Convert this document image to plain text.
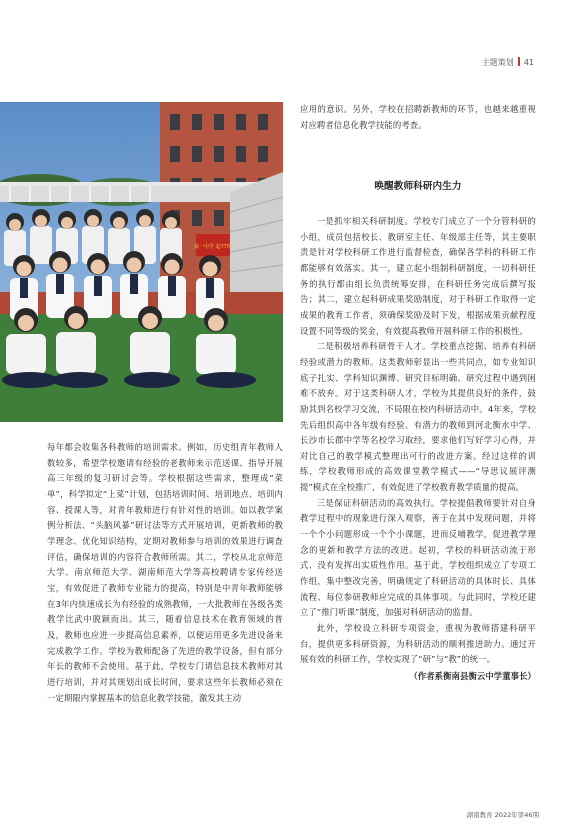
主题策划 41
第一中学 起77班

每年都会收集各科教师的培训需求。例如，历史组青年教师人数较多，希望学校邀请有经验的老教师来示范送课、指导开展高三年级的复习研讨会等。学校根据这些需求，整理成“菜单”，科学拟定“上菜”计划，包括培训时间、培训地点、培训内容、授课人等，对青年教师进行有针对性的培训。如以教学案例分析法、“头脑风暴”研讨法等方式开展培训，更新教师的教学理念、优化知识结构，定期对教师参与培训的效果进行调查评估，确保培训的内容符合教师所需。其二，学校从北京师范大学、南京师范大学、湖南师范大学等高校聘请专家传经送宝，有效促进了教师专业能力的提高，特别是中青年教师能够在3年内快速成长为有经验的成熟教师，一大批教师在各级各类教学比武中脱颖而出。其三，随着信息技术在教育领域的普及，教师也应进一步提高信息素养，以便运用更多先进设备来完成教学工作。学校为教师配备了先进的教学设备，但有部分年长的教师不会使用。基于此，学校专门请信息技术教师对其进行培训，并对其规划出成长时间，要求这些年长教师必须在一定期限内掌握基本的信息化教学技能，激发其主动

应用的意识。另外，学校在招聘新教师的环节，也越来越重视对应聘者信息化教学技能的考查。

唤醒教师科研内生力

一是抓牢相关科研制度。学校专门成立了一个分管科研的小组，成员包括校长、教研室主任、年级部主任等，其主要职责是针对学校科研工作进行监督检查，确保各学科的科研工作都能够有效落实。其一，建立起小组制科研制度，一切科研任务的执行都由组长负责统筹安排，在科研任务完成后撰写报告；其二，建立起科研成果奖励制度，对于科研工作取得一定成果的教育工作者，须确保奖励及时下发，根据成果贡献程度设置不同等级的奖金，有效提高教师开展科研工作的积极性。

二是积极培养科研骨干人才。学校重点挖掘、培养有科研经验或潜力的教师。这类教师彰显出一些共同点，如专业知识底子扎实、学科知识渊博、研究目标明确、研究过程中遇到困难不放弃。对于这类科研人才，学校为其提供良好的条件，鼓励其到名校学习交流，不局限在校内科研活动中。4年来，学校先后组织高中各年级有经验、有潜力的教师到河北衡水中学、长沙市长郡中学等名校学习取经，要求他们写好学习心得，并对比自己的教学模式整理出可行的改进方案。经过这样的训练，学校教师形成的高效课堂教学模式——“导思议展评测提”模式在全校推广，有效促进了学校教育教学质量的提高。

三是保证科研活动的高效执行。学校提倡教师要针对自身教学过程中的现象进行深入观察，善于在其中发现问题，并将一个个小问题形成一个个小课题，进而反哺教学，促进教学理念的更新和教学方法的改进。起初，学校的科研活动流于形式、没有发挥出实质性作用。基于此，学校组织成立了专项工作组，集中整改完善，明确规定了科研活动的具体时长、具体流程、每位参研教师应完成的具体事项。与此同时，学校还建立了“推门听课”制度，加强对科研活动的监督。

此外，学校设立科研专项资金，重视为教师搭建科研平台，提供更多科研资源，为科研活动的顺利推进助力。通过开展有效的科研工作，学校实现了“研”与“教”的统一。

（作者系衡南县衡云中学董事长）
湖南教育 2022年第46期
